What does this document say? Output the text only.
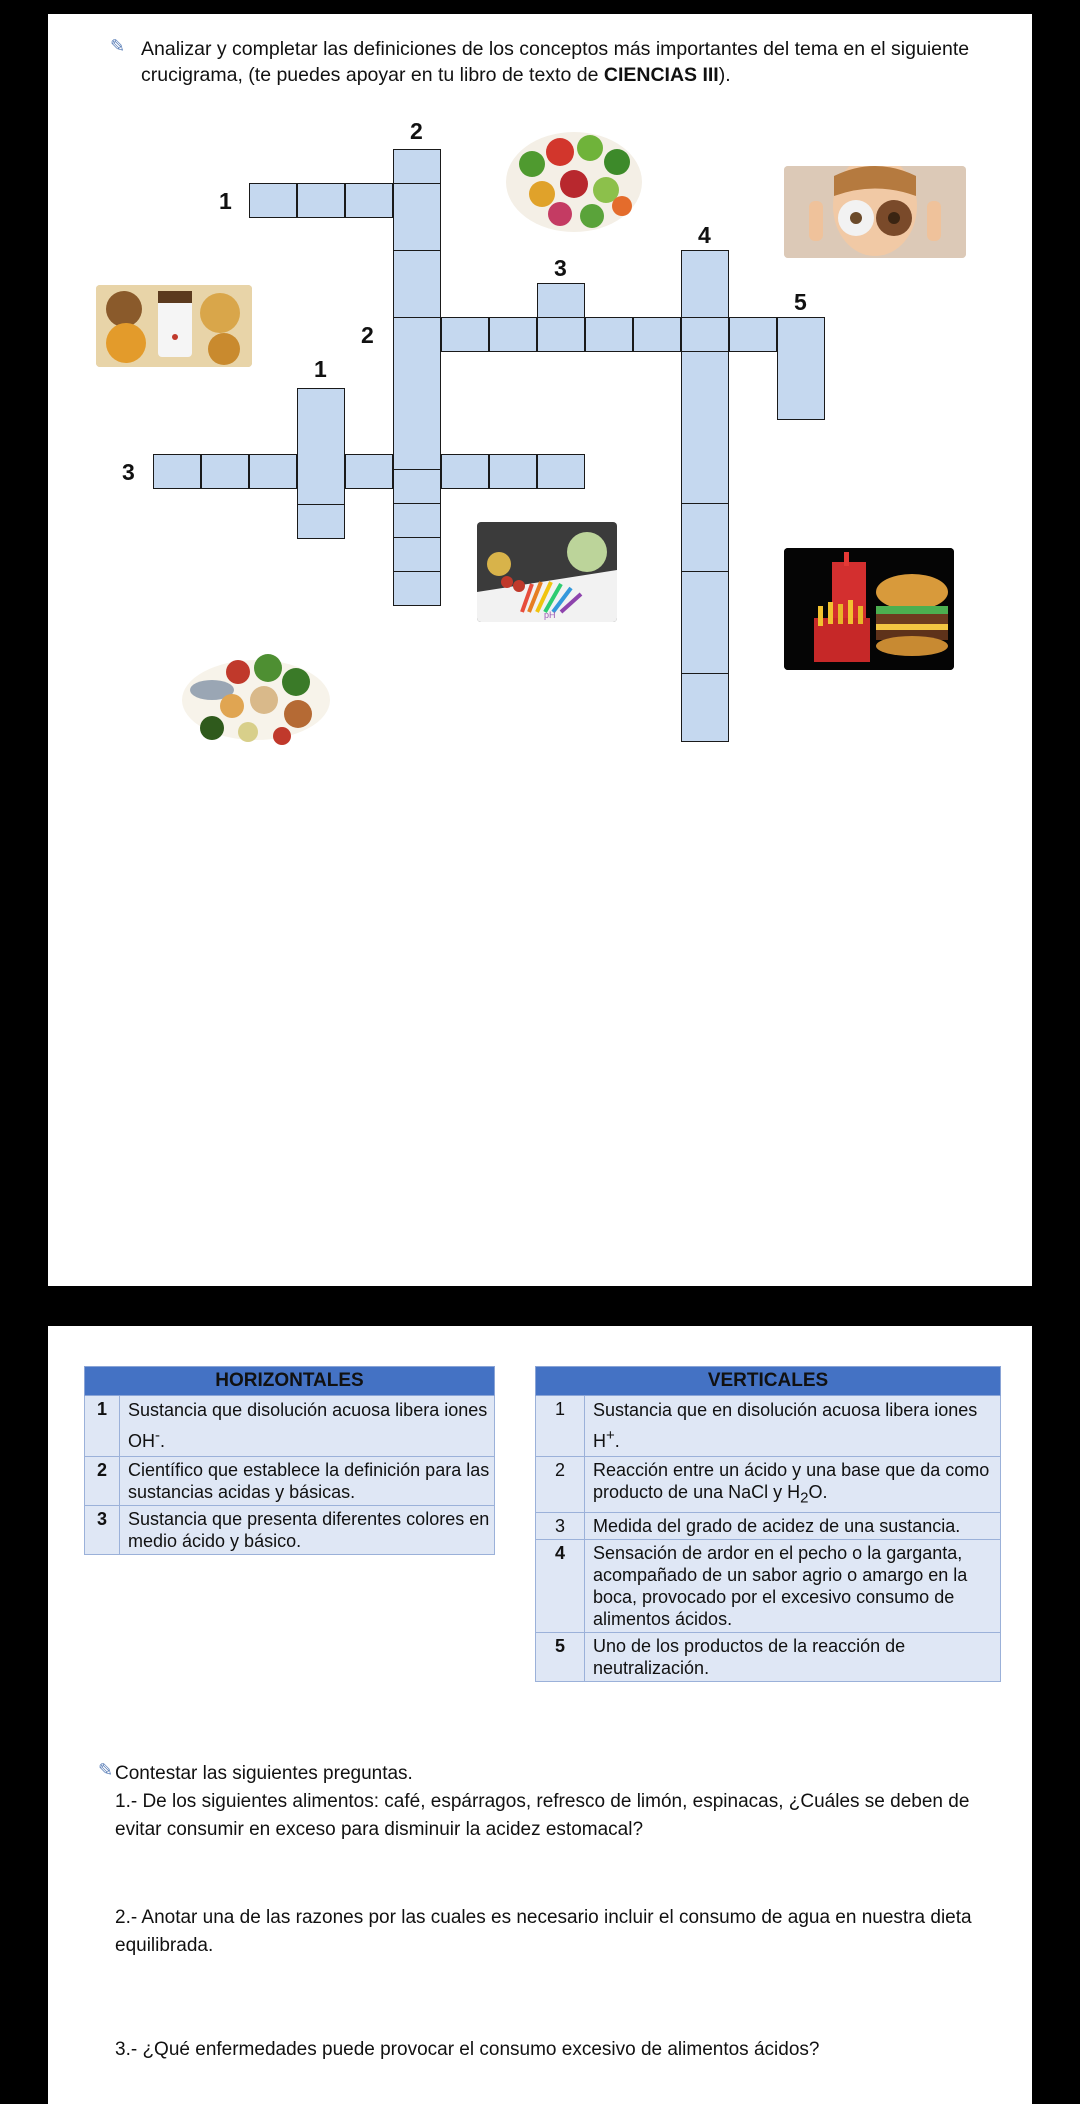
✎ Analizar y completar las definiciones de los conceptos más importantes del tema en el siguiente crucigrama, (te puedes apoyar en tu libro de texto de CIENCIAS III).
2
1
4
3
5
2
1
3
pH
HORIZONTALES	
1	Sustancia que disolución acuosa libera iones OH-.
2	Científico que establece la definición para las sustancias acidas y básicas.
3	Sustancia que presenta diferentes colores en medio ácido y básico.
VERTICALES	
1	Sustancia que en disolución acuosa libera iones H+.
2	Reacción entre un ácido y una base que da como producto de una NaCl y $H_2O$.
3	Medida del grado de acidez de una sustancia.
4	Sensación de ardor en el pecho o la garganta, acompañado de un sabor agrio o amargo en la boca, provocado por el excesivo consumo de alimentos ácidos.
5	Uno de los productos de la reacción de neutralización.
✎ Contestar las siguientes preguntas.
1.- De los siguientes alimentos: café, espárragos, refresco de limón, espinacas, ¿Cuáles se deben de evitar consumir en exceso para disminuir la acidez estomacal?
2.- Anotar una de las razones por las cuales es necesario incluir el consumo de agua en nuestra dieta equilibrada.
3.- ¿Qué enfermedades puede provocar el consumo excesivo de alimentos ácidos?
